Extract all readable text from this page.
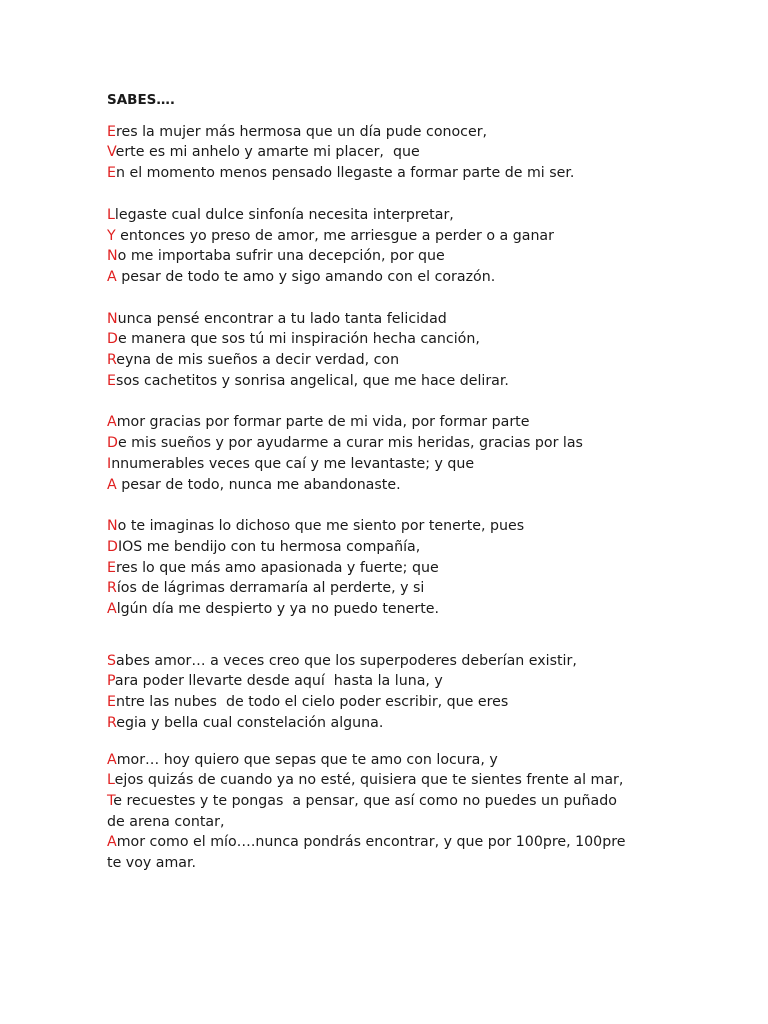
SABES….
Eres la mujer más hermosa que un día pude conocer,
Verte es mi anhelo y amarte mi placer,  que
En el momento menos pensado llegaste a formar parte de mi ser.
Llegaste cual dulce sinfonía necesita interpretar,
Y entonces yo preso de amor, me arriesgue a perder o a ganar
No me importaba sufrir una decepción, por que
A pesar de todo te amo y sigo amando con el corazón.
Nunca pensé encontrar a tu lado tanta felicidad
De manera que sos tú mi inspiración hecha canción,
Reyna de mis sueños a decir verdad, con
Esos cachetitos y sonrisa angelical, que me hace delirar.
Amor gracias por formar parte de mi vida, por formar parte
De mis sueños y por ayudarme a curar mis heridas, gracias por las
Innumerables veces que caí y me levantaste; y que
A pesar de todo, nunca me abandonaste.
No te imaginas lo dichoso que me siento por tenerte, pues
DIOS me bendijo con tu hermosa compañía,
Eres lo que más amo apasionada y fuerte; que
Ríos de lágrimas derramaría al perderte, y si
Algún día me despierto y ya no puedo tenerte.
Sabes amor… a veces creo que los superpoderes deberían existir,
Para poder llevarte desde aquí  hasta la luna, y
Entre las nubes  de todo el cielo poder escribir, que eres
Regia y bella cual constelación alguna.
Amor… hoy quiero que sepas que te amo con locura, y
Lejos quizás de cuando ya no esté, quisiera que te sientes frente al mar,
Te recuestes y te pongas  a pensar, que así como no puedes un puñado
de arena contar,
Amor como el mío….nunca pondrás encontrar, y que por 100pre, 100pre
te voy amar.
